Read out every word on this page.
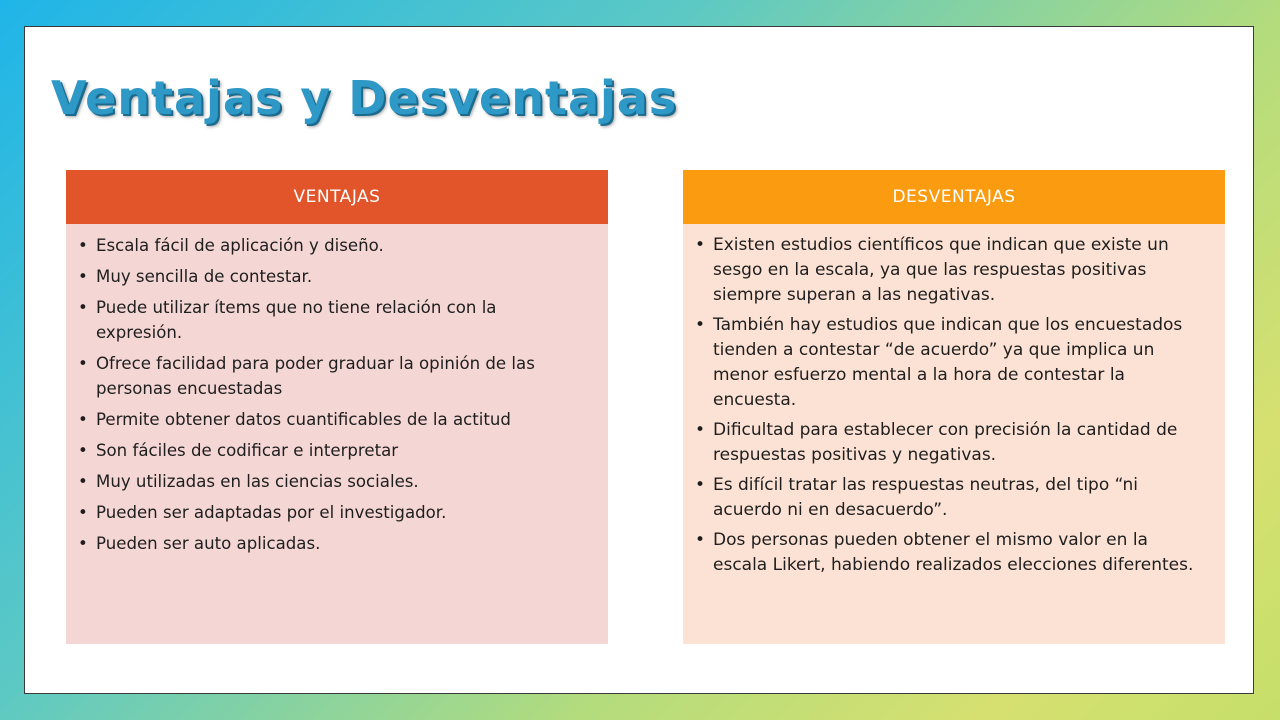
Ventajas y Desventajas
VENTAJAS
• Escala fácil de aplicación y diseño.
• Muy sencilla de contestar.
• Puede utilizar ítems que no tiene relación con la expresión.
• Ofrece facilidad para poder graduar la opinión de las personas encuestadas
• Permite obtener datos cuantificables de la actitud
• Son fáciles de codificar e interpretar
• Muy utilizadas en las ciencias sociales.
• Pueden ser adaptadas por el investigador.
• Pueden ser auto aplicadas.
DESVENTAJAS
• Existen estudios científicos que indican que existe un sesgo en la escala, ya que las respuestas positivas siempre superan a las negativas.
• También hay estudios que indican que los encuestados tienden a contestar “de acuerdo” ya que implica un menor esfuerzo mental a la hora de contestar la encuesta.
• Dificultad para establecer con precisión la cantidad de respuestas positivas y negativas.
• Es difícil tratar las respuestas neutras, del tipo “ni acuerdo ni en desacuerdo”.
• Dos personas pueden obtener el mismo valor en la escala Likert, habiendo realizados elecciones diferentes.
